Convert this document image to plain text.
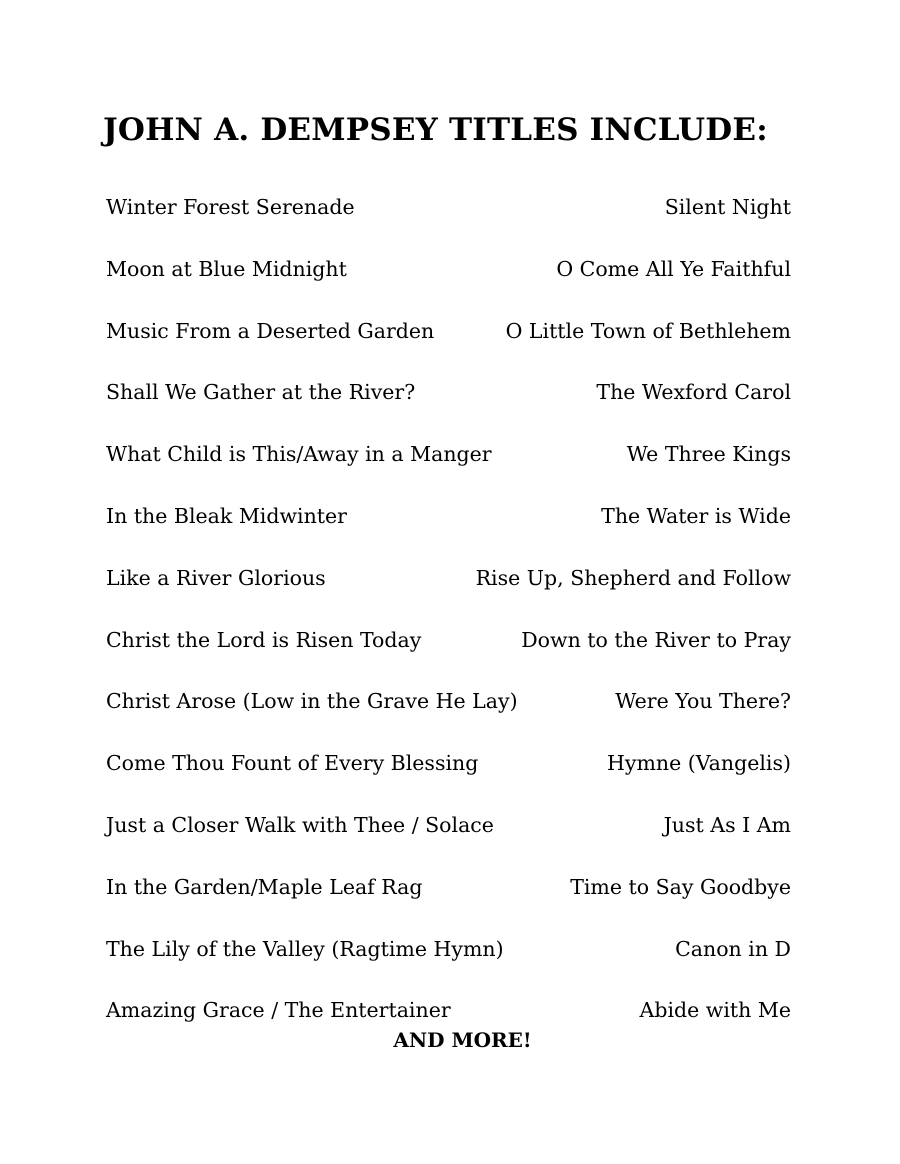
JOHN A. DEMPSEY TITLES INCLUDE:
Winter Forest Serenade	Silent Night
Moon at Blue Midnight	O Come All Ye Faithful
Music From a Deserted Garden	O Little Town of Bethlehem
Shall We Gather at the River?	The Wexford Carol
What Child is This/Away in a Manger	We Three Kings
In the Bleak Midwinter	The Water is Wide
Like a River Glorious	Rise Up, Shepherd and Follow
Christ the Lord is Risen Today	Down to the River to Pray
Christ Arose (Low in the Grave He Lay)	Were You There?
Come Thou Fount of Every Blessing	Hymne (Vangelis)
Just a Closer Walk with Thee / Solace	Just As I Am
In the Garden/Maple Leaf Rag	Time to Say Goodbye
The Lily of the Valley (Ragtime Hymn)	Canon in D
Amazing Grace / The Entertainer	Abide with Me
AND MORE!
